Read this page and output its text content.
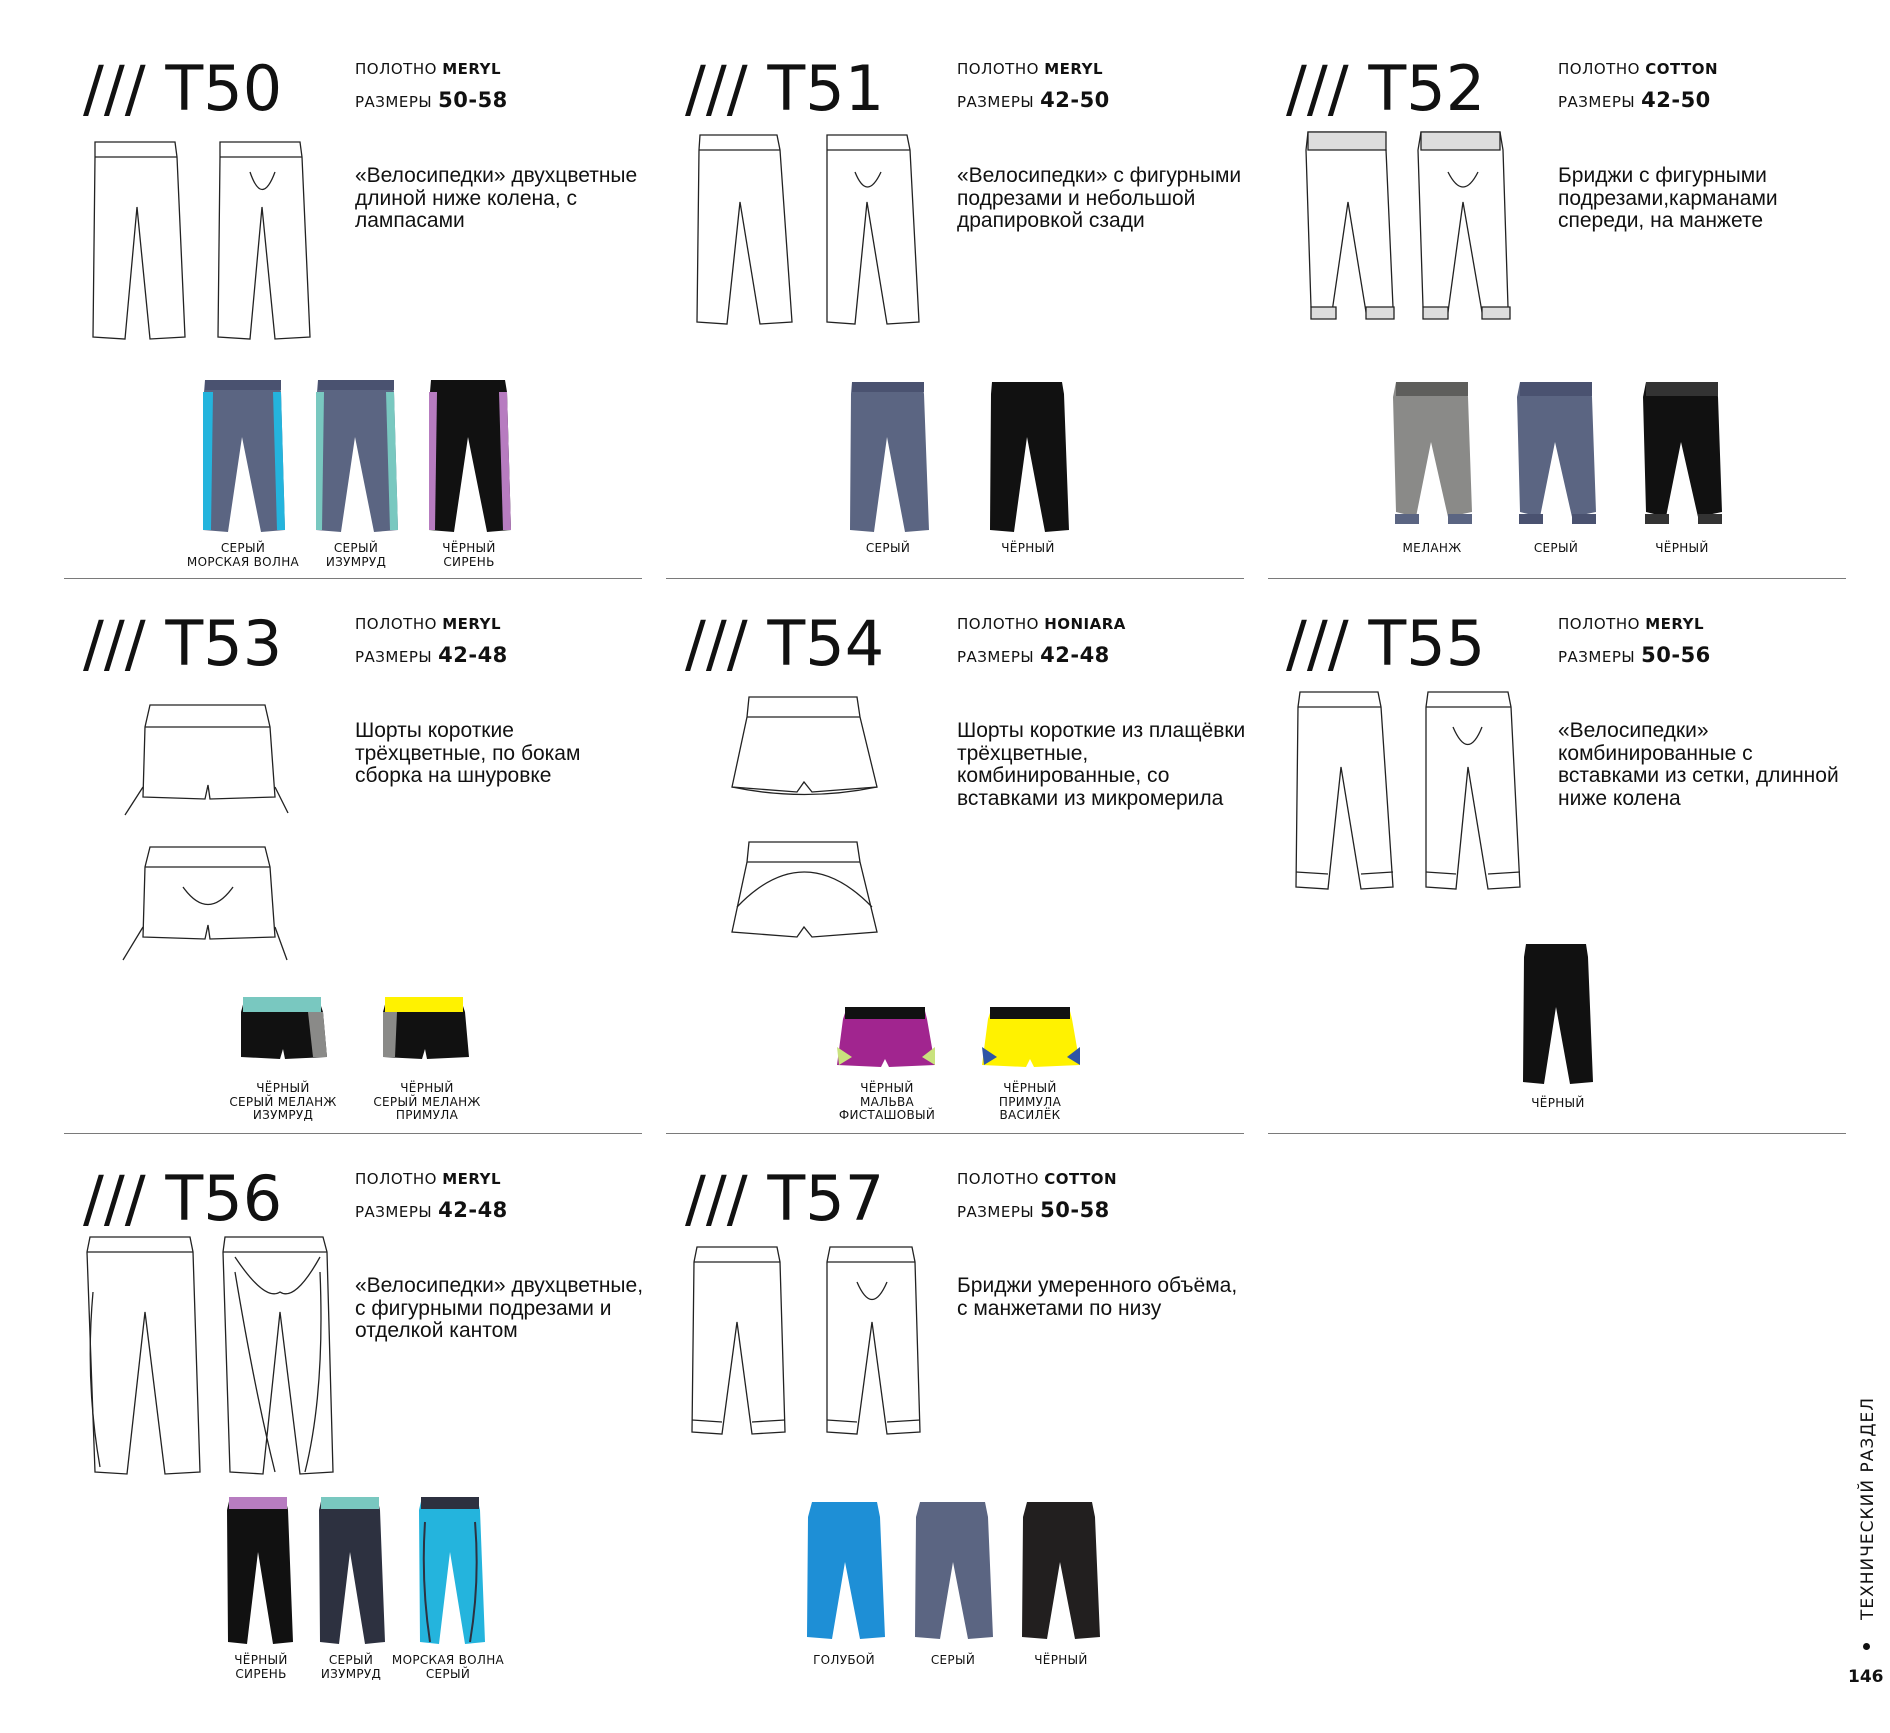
/// T50	ПОЛОТНО MERYL
РАЗМЕРЫ 50-58
«Велосипедки» двухцветные длиной ниже колена, с лампасами
СЕРЫЙ
МОРСКАЯ ВОЛНА
СЕРЫЙ
ИЗУМРУД
ЧЁРНЫЙ
СИРЕНЬ
/// T51	ПОЛОТНО MERYL
РАЗМЕРЫ 42-50
«Велосипедки» с фигурными подрезами и небольшой драпировкой сзади
СЕРЫЙ	ЧЁРНЫЙ
/// T52	ПОЛОТНО COTTON
РАЗМЕРЫ 42-50
Бриджи с фигурными подрезами,карманами спереди, на манжете
МЕЛАНЖ	СЕРЫЙ	ЧЁРНЫЙ
/// T53	ПОЛОТНО MERYL
РАЗМЕРЫ 42-48
Шорты короткие трёхцветные, по бокам сборка на шнуровке
ЧЁРНЫЙ
СЕРЫЙ МЕЛАНЖ
ИЗУМРУД
ЧЁРНЫЙ
СЕРЫЙ МЕЛАНЖ
ПРИМУЛА
/// T54	ПОЛОТНО HONIARA
РАЗМЕРЫ 42-48
Шорты короткие из плащёвки трёхцветные, комбинированные, со вставками из микромерила
ЧЁРНЫЙ
МАЛЬВА
ФИСТАШОВЫЙ
ЧЁРНЫЙ
ПРИМУЛА
ВАСИЛЁК
/// T55	ПОЛОТНО MERYL
РАЗМЕРЫ 50-56
«Велосипедки» комбинированные с вставками из сетки, длинной ниже колена
ЧЁРНЫЙ
/// T56	ПОЛОТНО MERYL
РАЗМЕРЫ 42-48
«Велосипедки» двухцветные, с фигурными подрезами и отделкой кантом
ЧЁРНЫЙ
СИРЕНЬ
СЕРЫЙ
ИЗУМРУД
МОРСКАЯ ВОЛНА
СЕРЫЙ
/// T57	ПОЛОТНО COTTON
РАЗМЕРЫ 50-58
Бриджи умеренного объёма, с манжетами по низу
ГОЛУБОЙ	СЕРЫЙ	ЧЁРНЫЙ
ТЕХНИЧЕСКИЙ РАЗДЕЛ
146
